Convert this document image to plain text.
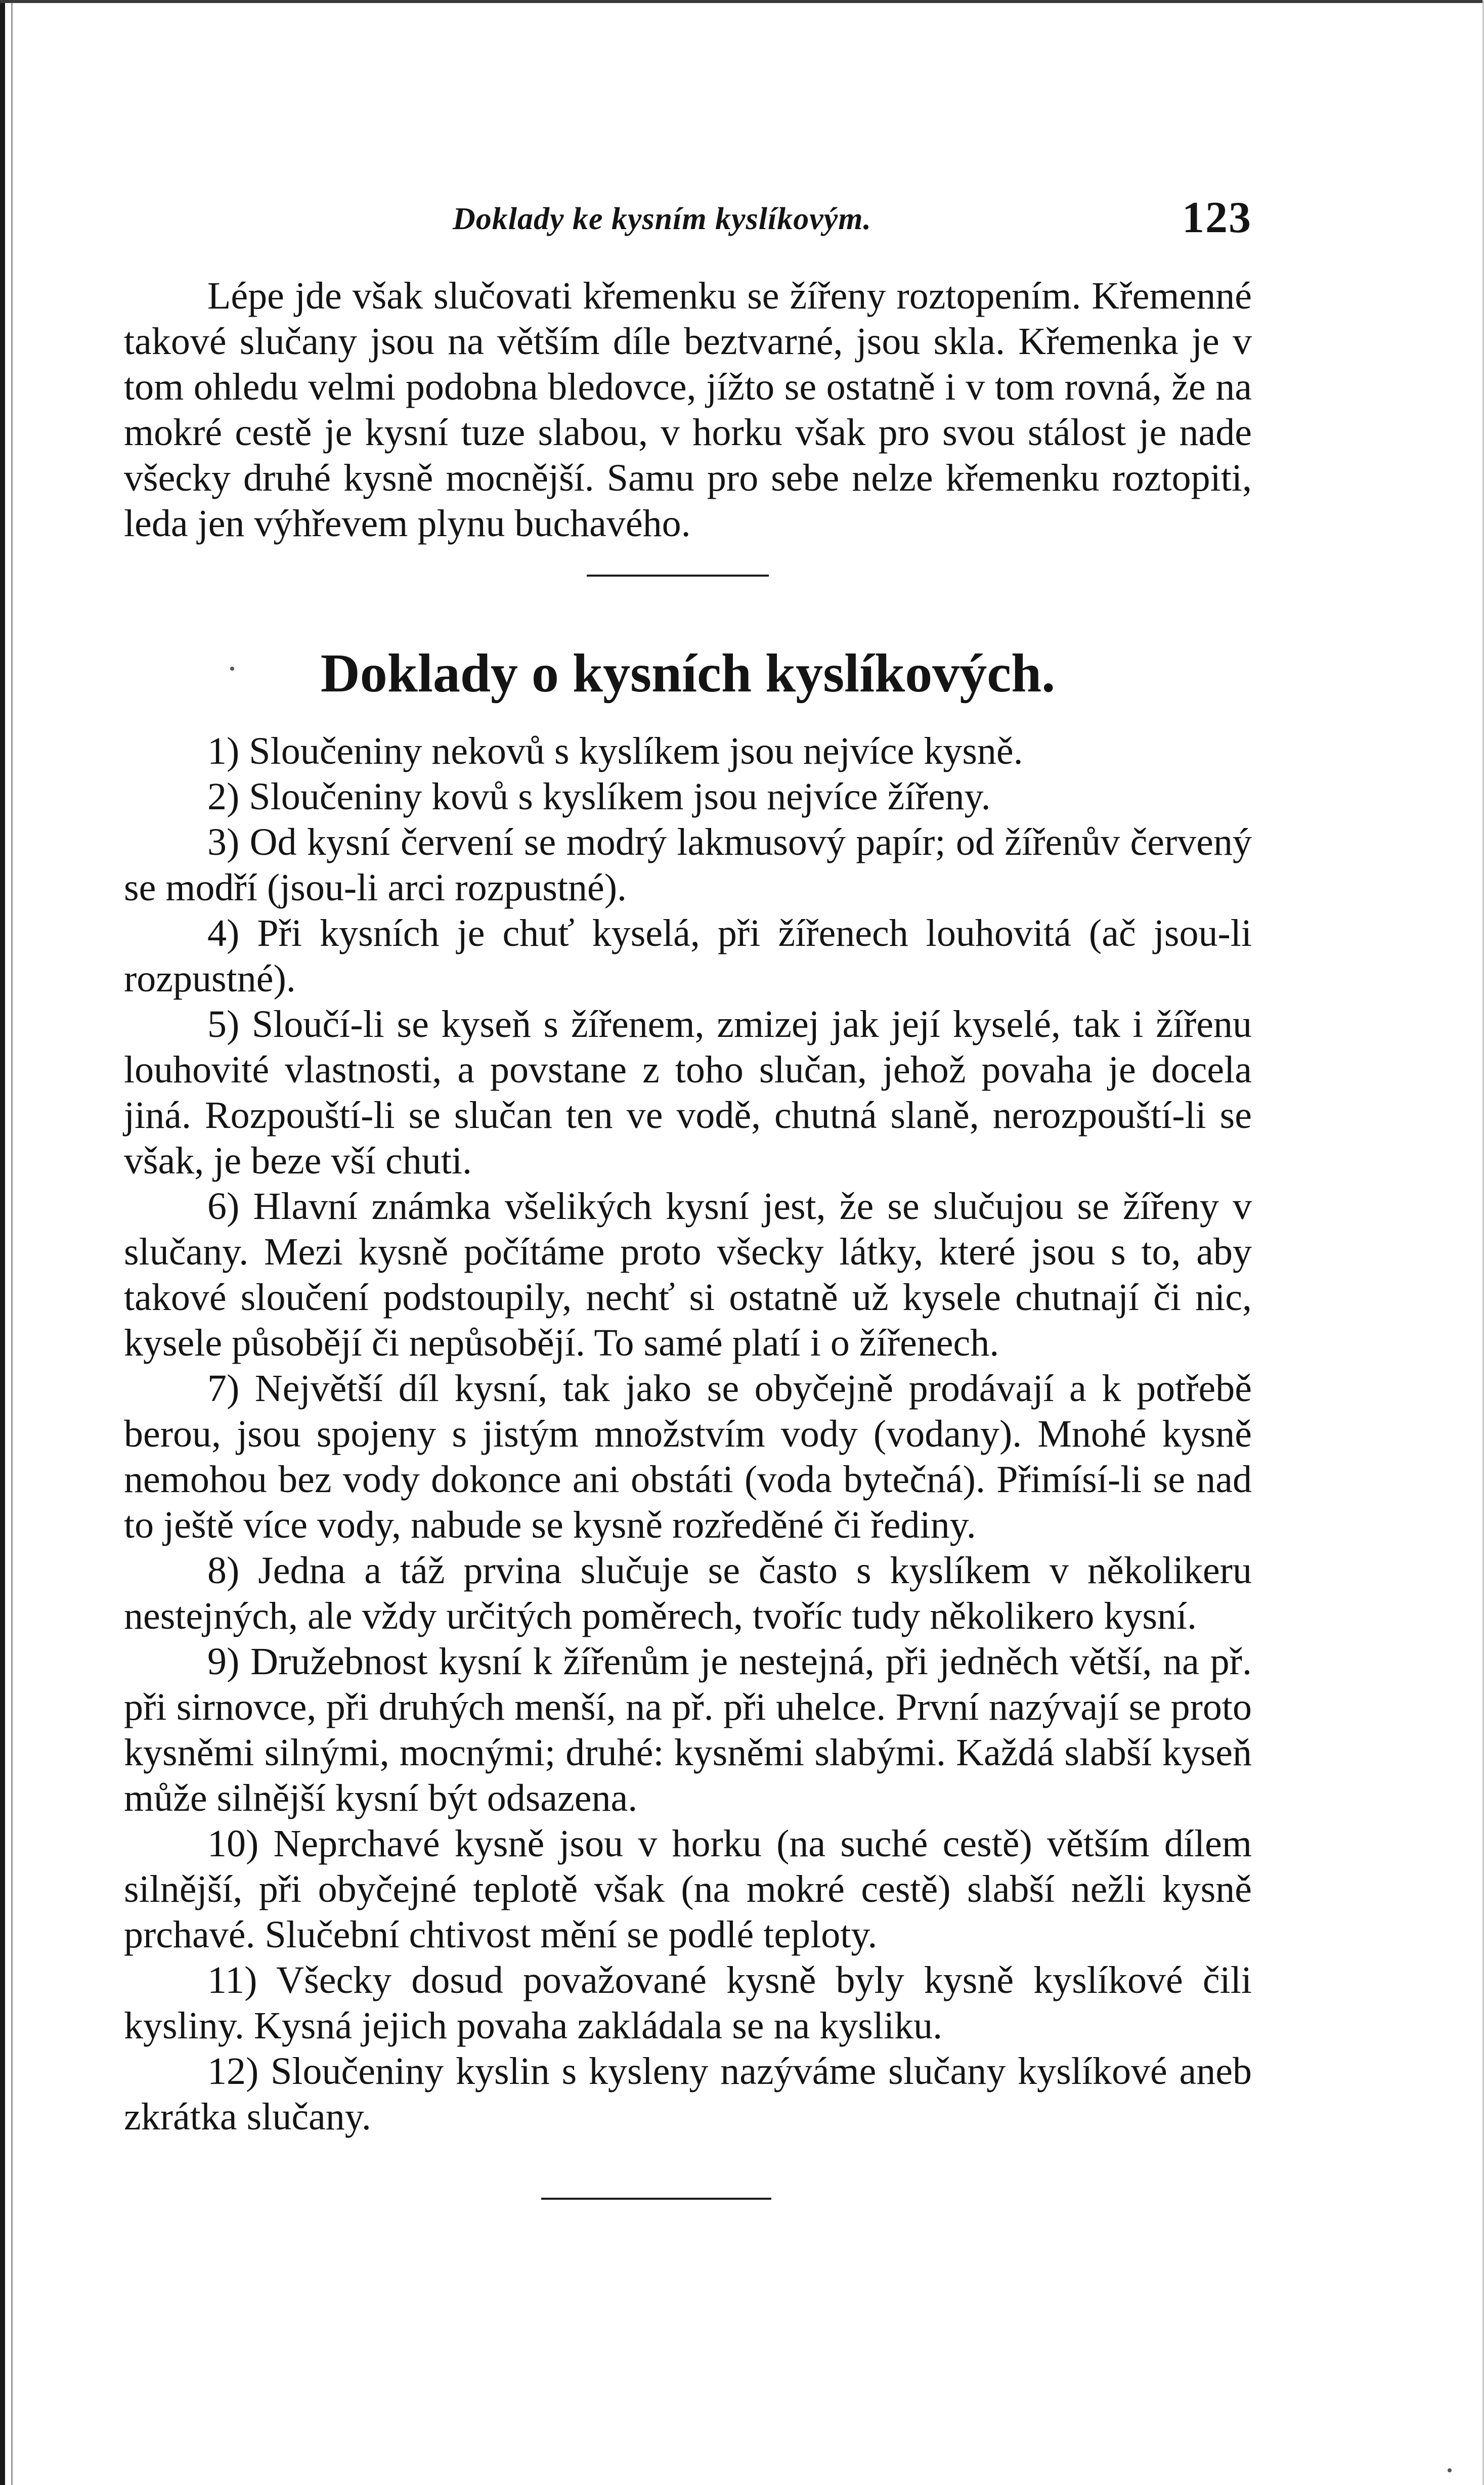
Doklady ke kysním kyslíkovým.	123

Lépe jde však slučovati křemenku se žířeny roztopením. Křemenné takové slučany jsou na větším díle beztvarné, jsou skla. Křemenka je v tom ohledu velmi podobna bledovce, jížto se ostatně i v tom rovná, že na mokré cestě je kysní tuze slabou, v horku však pro svou stálost je nade všecky druhé kysně mocnější. Samu pro sebe nelze křemenku roztopiti, leda jen výhřevem plynu buchavého.

Doklady o kysních kyslíkových.

1) Sloučeniny nekovů s kyslíkem jsou nejvíce kysně.

2) Sloučeniny kovů s kyslíkem jsou nejvíce žířeny.

3) Od kysní červení se modrý lakmusový papír; od žířenův červený se modří (jsou-li arci rozpustné).

4) Při kysních je chuť kyselá, při žířenech louhovitá (ač jsou-li rozpustné).

5) Sloučí-li se kyseň s žířenem, zmizej jak její kyselé, tak i žířenu louhovité vlastnosti, a povstane z toho slučan, jehož povaha je docela jiná. Rozpouští-li se slučan ten ve vodě, chutná slaně, nerozpouští-li se však, je beze vší chuti.

6) Hlavní známka všelikých kysní jest, že se slučujou se žířeny v slučany. Mezi kysně počítáme proto všecky látky, které jsou s to, aby takové sloučení podstoupily, nechť si ostatně už kysele chutnají či nic, kysele působějí či nepůsobějí. To samé platí i o žířenech.

7) Největší díl kysní, tak jako se obyčejně prodávají a k potřebě berou, jsou spojeny s jistým množstvím vody (vodany). Mnohé kysně nemohou bez vody dokonce ani obstáti (voda bytečná). Přimísí-li se nad to ještě více vody, nabude se kysně rozředěné či řediny.

8) Jedna a táž prvina slučuje se často s kyslíkem v několikeru nestejných, ale vždy určitých poměrech, tvoříc tudy několikero kysní.

9) Družebnost kysní k žířenům je nestejná, při jedněch větší, na př. při sirnovce, při druhých menší, na př. při uhelce. První nazývají se proto kysněmi silnými, mocnými; druhé: kysněmi slabými. Každá slabší kyseň může silnější kysní být odsazena.

10) Neprchavé kysně jsou v horku (na suché cestě) větším dílem silnější, při obyčejné teplotě však (na mokré cestě) slabší nežli kysně prchavé. Slučební chtivost mění se podlé teploty.

11) Všecky dosud považované kysně byly kysně kyslíkové čili kysliny. Kysná jejich povaha zakládala se na kysliku.

12) Sloučeniny kyslin s kysleny nazýváme slučany kyslíkové aneb zkrátka slučany.
